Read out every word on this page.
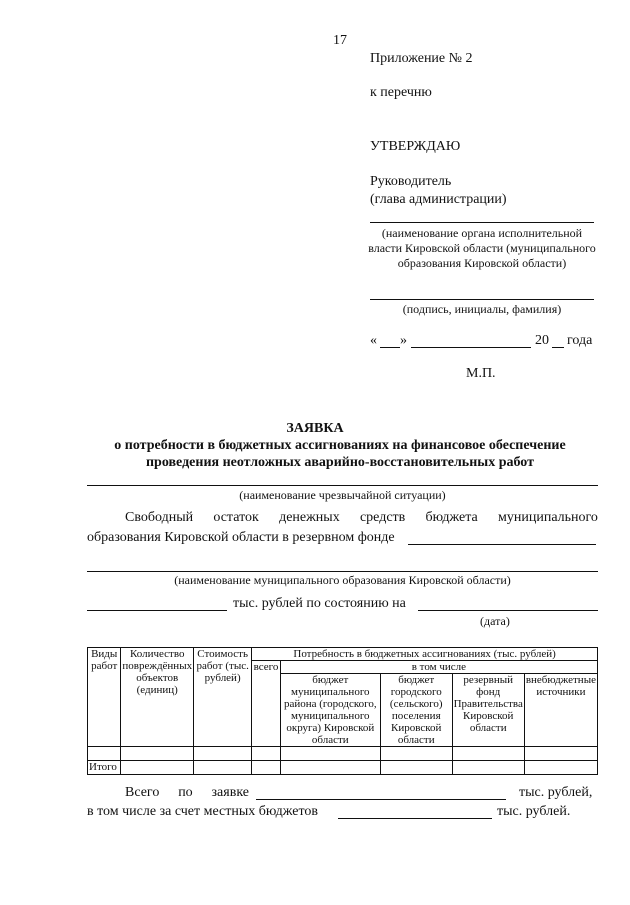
17
Приложение № 2
к перечню
УТВЕРЖДАЮ
Руководитель
(глава администрации)
(наименование органа исполнительной власти Кировской области (муниципального образования Кировской области)
(подпись, инициалы, фамилия)
« »	20 года
М.П.
ЗАЯВКА
о потребности в бюджетных ассигнованиях на финансовое обеспечение
проведения неотложных аварийно-восстановительных работ
(наименование чрезвычайной ситуации)
Свободный остаток денежных средств бюджета муниципального
образования Кировской области в резервном фонде
(наименование муниципального образования Кировской области)
тыс. рублей по состоянию на
(дата)
Виды работ	Количество повреждённых объектов (единиц)	Стоимость работ (тыс. рублей)	Потребность в бюджетных ассигнованиях (тыс. рублей)				
			всего	в том числе			
				бюджет муниципального района (городского, муниципального округа) Кировской области	бюджет городского (сельского) поселения Кировской области	резервный фонд Правительства Кировской области	внебюджетные источники

Итого							
Всего по заявке	тыс. рублей,
в том числе за счет местных бюджетов	тыс. рублей.
